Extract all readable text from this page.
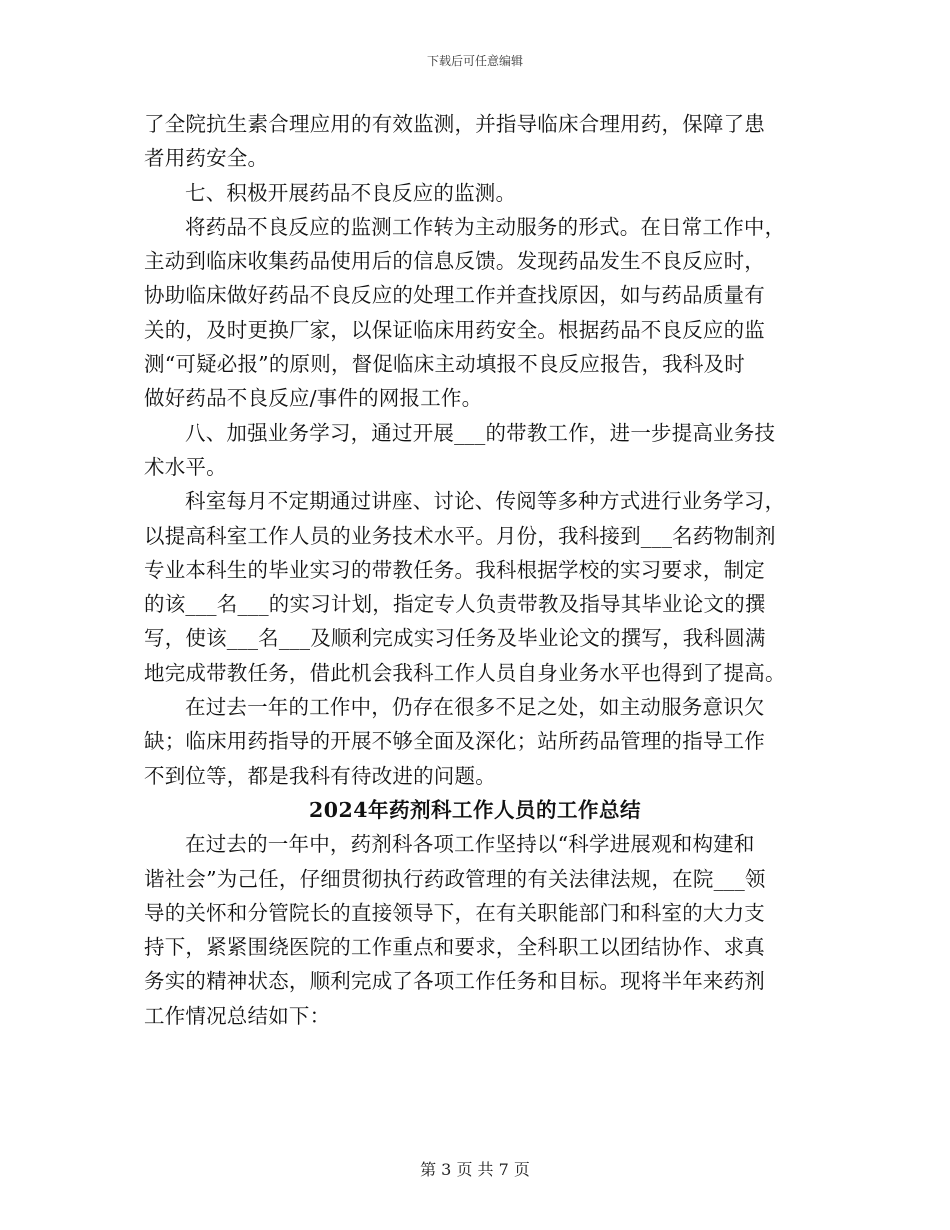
下载后可任意编辑
了全院抗生素合理应用的有效监测，并指导临床合理用药，保障了患
者用药安全。
七、积极开展药品不良反应的监测。
将药品不良反应的监测工作转为主动服务的形式。在日常工作中，
主动到临床收集药品使用后的信息反馈。发现药品发生不良反应时，
协助临床做好药品不良反应的处理工作并查找原因，如与药品质量有
关的，及时更换厂家，以保证临床用药安全。根据药品不良反应的监
测“可疑必报”的原则，督促临床主动填报不良反应报告，我科及时
做好药品不良反应/事件的网报工作。
八、加强业务学习，通过开展___的带教工作，进一步提高业务技
术水平。
科室每月不定期通过讲座、讨论、传阅等多种方式进行业务学习，
以提高科室工作人员的业务技术水平。月份，我科接到___名药物制剂
专业本科生的毕业实习的带教任务。我科根据学校的实习要求，制定
的该___名___的实习计划，指定专人负责带教及指导其毕业论文的撰
写，使该___名___及顺利完成实习任务及毕业论文的撰写，我科圆满
地完成带教任务，借此机会我科工作人员自身业务水平也得到了提高。
在过去一年的工作中，仍存在很多不足之处，如主动服务意识欠
缺；临床用药指导的开展不够全面及深化；站所药品管理的指导工作
不到位等，都是我科有待改进的问题。
2024年药剂科工作人员的工作总结
在过去的一年中，药剂科各项工作坚持以“科学进展观和构建和
谐社会”为己任，仔细贯彻执行药政管理的有关法律法规，在院___领
导的关怀和分管院长的直接领导下，在有关职能部门和科室的大力支
持下，紧紧围绕医院的工作重点和要求，全科职工以团结协作、求真
务实的精神状态，顺利完成了各项工作任务和目标。现将半年来药剂
工作情况总结如下：
第 3 页 共 7 页
